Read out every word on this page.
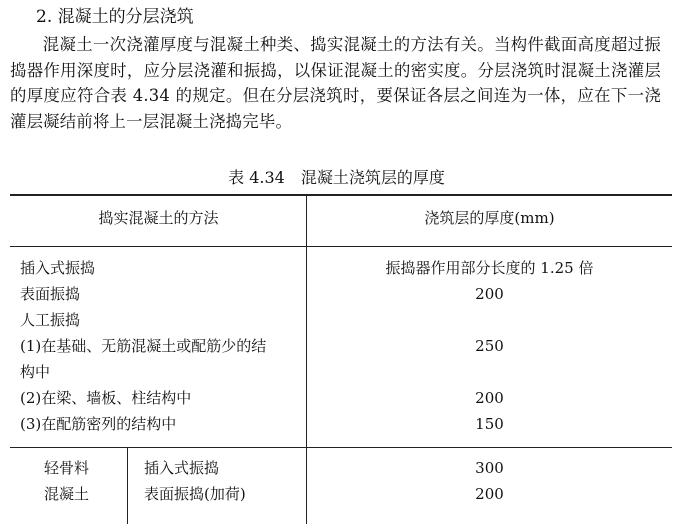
2. 混凝土的分层浇筑
混凝土一次浇灌厚度与混凝土种类、捣实混凝土的方法有关。当构件截面高度超过振捣器作用深度时，应分层浇灌和振捣，以保证混凝土的密实度。分层浇筑时混凝土浇灌层的厚度应符合表 4.34 的规定。但在分层浇筑时，要保证各层之间连为一体，应在下一浇灌层凝结前将上一层混凝土浇捣完毕。
表 4.34　混凝土浇筑层的厚度
捣实混凝土的方法	浇筑层的厚度(mm)
插入式振捣
表面振捣
人工振捣
(1)在基础、无筋混凝土或配筋少的结
构中
(2)在梁、墙板、柱结构中
(3)在配筋密列的结构中
振捣器作用部分长度的 1.25 倍
200
250
200
150
轻骨料
混凝土
插入式振捣
表面振捣(加荷)
300
200
